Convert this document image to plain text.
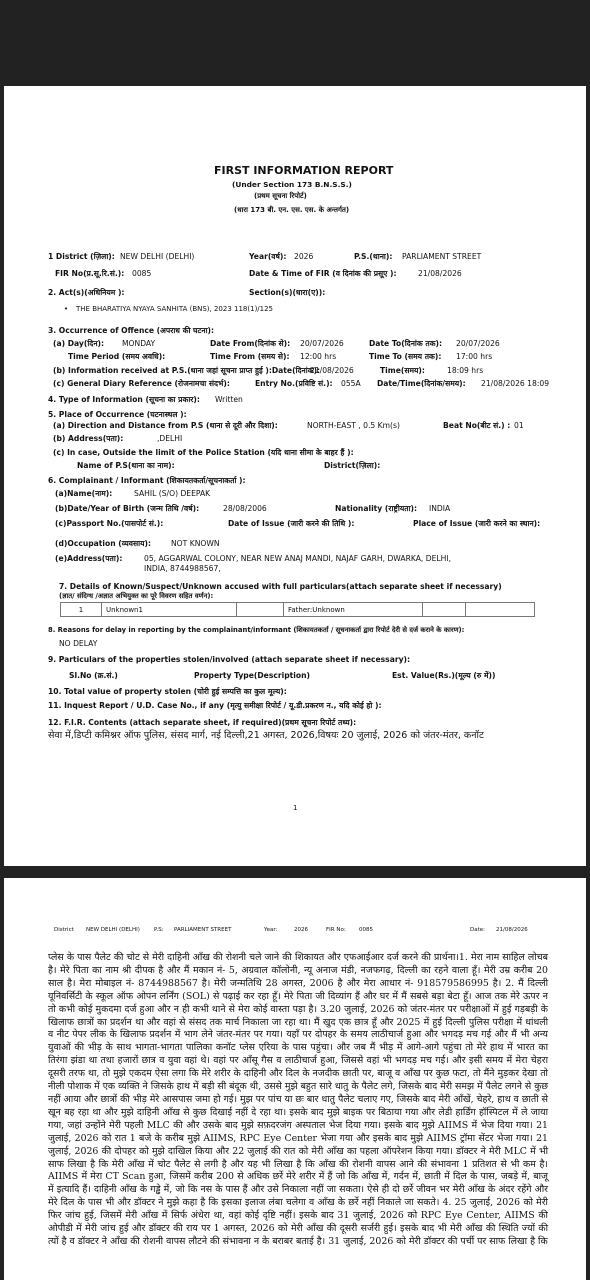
FIRST INFORMATION REPORT
(Under Section 173 B.N.S.S.)
(प्रथम सूचना रिपोर्ट)
(धारा 173 बी. एन. एस. एस. के अन्तर्गत)
1 District (ज़िला): NEW DELHI (DELHI)	Year(वर्ष): 2026	P.S.(थाना): PARLIAMENT STREET
FIR No(प्र.सू.रि.सं.): 0085	Date & Time of FIR (व दिनांक की प्रसूए ):	21/08/2026
2. Act(s)(अधिनियम ):	Section(s)(धारा(ए)):
• THE BHARATIYA NYAYA SANHITA (BNS), 2023 118(1)/125
3. Occurrence of Offence (अपराध की घटना):
(a) Day(दिन): MONDAY	Date From(दिनांक से): 20/07/2026	Date To(दिनांक तक): 20/07/2026
Time Period (समय अवधि):	Time From (समय से): 12:00 hrs	Time To (समय तक): 17:00 hrs
(b) Information received at P.S.(थाना जहां सूचना प्राप्त हुई ):Date(दिनांक):
21/08/2026	Time(समय):	18:09 hrs
(c) General Diary Reference (रोजनामचा संदर्भ):	Entry No.(प्रविष्टि सं.): 055A Date/Time(दिनांक/समय): 21/08/2026 18:09
4. Type of Information (सूचना का प्रकार): Written
5. Place of Occurrence (घटनास्थल ):
(a) Direction and Distance from P.S (थाना से दूरी और दिशा):	NORTH-EAST , 0.5 Km(s)	Beat No(बीट सं.) : 01
(b) Address(पता):	,DELHI
(c) In case, Outside the limit of the Police Station (यदि थाना सीमा के बाहर हैं ):
Name of P.S(थाना का नाम):	District(ज़िला):
6. Complainant / Informant (शिकायतकर्ता/सूचनाकर्ता ):
(a)Name(नाम):	SAHIL (S/O) DEEPAK
(b)Date/Year of Birth (जन्म तिथि /वर्ष):	28/08/2006	Nationality (राष्ट्रीयता): INDIA
(c)Passport No.(पासपोर्ट सं.):	Date of Issue (जारी करने की तिथि ):	Place of Issue (जारी करने का स्थान):
(d)Occupation (व्यवसाय):	NOT KNOWN
(e)Address(पता):	05, AGGARWAL COLONY, NEAR NEW ANAJ MANDI, NAJAF GARH, DWARKA, DELHI,
INDIA, 8744988567,
7. Details of Known/Suspect/Unknown accused with full particulars(attach separate sheet if necessary)
(ज्ञात/ संदिग्ध /अज्ञात अभियुक्त का पूरे विवरण सहित वर्णन):
1	Unknown1		Father:Unknown		
8. Reasons for delay in reporting by the complainant/informant (शिकायतकर्ता / सूचनाकर्ता द्वारा रिपोर्ट देरी से दर्ज कराने के कारण):
NO DELAY
9. Particulars of the properties stolen/involved (attach separate sheet if necessary):
Sl.No (क्र.सं.)	Property Type(Description)	Est. Value(Rs.)(मूल्य (रु में))
10. Total value of property stolen (चोरी हुई सम्पत्ति का कुल मूल्य):
11. Inquest Report / U.D. Case No., if any (मृत्यु समीक्षा रिपोर्ट / यू.डी.प्रकरण न., यदि कोई हो ):
12. F.I.R. Contents (attach separate sheet, if required)(प्रथम सूचना रिपोर्ट तथ्य):
सेवा में,डिप्टी कमिश्नर ऑफ पुलिस, संसद मार्ग, नई दिल्ली,21 अगस्त, 2026,विषयः 20 जुलाई, 2026 को जंतर-मंतर, कनॉट
1
District NEW DELHI (DELHI)	P.S: PARLIAMENT STREET	Year:	2026	FIR No: 0085	Date: 21/08/2026
प्लेस के पास पैलेट की चोट से मेरी दाहिनी आँख की रोशनी चले जाने की शिकायत और एफआईआर दर्ज करने की प्रार्थना।1. मेरा नाम साहिल लोचब है। मेरे पिता का नाम श्री दीपक है और मैं मकान नं- 5, अग्रवाल कॉलोनी, न्यू अनाज मंडी, नजफगढ़, दिल्ली का रहने वाला हूँ। मेरी उम्र करीब 20 साल है। मेरा मोबाइल नं- 8744988567 है। मेरी जन्मतिथि 28 अगस्त, 2006 है और मेरा आधार नं- 918579586995 है। 2. मैं दिल्ली यूनिवर्सिटी के स्कूल ऑफ ओपन लर्निंग (SOL) से पढ़ाई कर रहा हूँ। मेरे पिता जी दिव्यांग हैं और घर में मैं सबसे बड़ा बेटा हूँ। आज तक मेरे ऊपर न तो कभी कोई मुकदमा दर्ज हुआ और न ही कभी थाने से मेरा कोई वास्ता पड़ा है। 3.20 जुलाई, 2026 को जंतर-मंतर पर परीक्षाओं में हुई गड़बड़ी के खिलाफ छात्रों का प्रदर्शन था और वहां से संसद तक मार्च निकाला जा रहा था। मैं खुद एक छात्र हूँ और 2025 में हुई दिल्ली पुलिस परीक्षा में धांधली व नीट पेपर लीक के खिलाफ प्रदर्शन में भाग लेने जंतर-मंतर पर गया। यहाँ पर दोपहर के समय लाठीचार्ज हुआ और भगदड़ मच गई और मैं भी अन्य युवाओं की भीड़ के साथ भागता-भागता पालिका कनॉट प्लेस एरिया के पास पहुंचा। और जब मैं भीड़ में आगे-आगे पहुंचा तो मेरे हाथ में भारत का तिरंगा झंडा था तथा हजारों छात्र व युवा वहां थे। वहां पर आँसू गैस व लाठीचार्ज हुआ, जिससे वहां भी भगदड़ मच गई। और इसी समय में मेरा चेहरा दूसरी तरफ था, तो मुझे एकदम ऐसा लगा कि मेरे शरीर के दाहिनी और दिल के नजदीक छाती पर, बाजू व आँख पर कुछ फटा, तो मैंने मुड़कर देखा तो नीली पोशाक में एक व्यक्ति ने जिसके हाथ में बड़ी सी बंदूक थी, उससे मुझे बहुत सारे धातु के पैलेट लगे, जिसके बाद मेरी समझ में पैलेट लगने से कुछ नहीं आया और छात्रों की भीड़ मेरे आसपास जमा हो गई। मुझ पर पांच या छः बार धातु पैलेट चलाए गए, जिसके बाद मेरी आँखें, चेहरे, हाथ व छाती से खून बह रहा था और मुझे दाहिनी आँख से कुछ दिखाई नहीं दे रहा था। इसके बाद मुझे बाइक पर बिठाया गया और लेडी हार्डिंग हॉस्पिटल में ले जाया गया, जहां उन्होंने मेरी पहली MLC की और उसके बाद मुझे सफ़दरजंग अस्पताल भेज दिया गया। इसके बाद मुझे AIIMS में भेज दिया गया। 21 जुलाई, 2026 को रात 1 बजे के करीब मुझे AIIMS, RPC Eye Center भेजा गया और इसके बाद मुझे AIIMS ट्रॉमा सेंटर भेजा गया। 21 जुलाई, 2026 की दोपहर को मुझे दाखिल किया और 22 जुलाई की रात को मेरी आँख का पहला ऑपरेशन किया गया। डॉक्टर ने मेरी MLC में भी साफ लिखा है कि मेरी आँख में चोट पैलेट से लगी है और यह भी लिखा है कि आँख की रोशनी वापस आने की संभावना 1 प्रतिशत से भी कम है। AIIMS में मेरा CT Scan हुआ, जिसमें करीब 200 से अधिक छर्रे मेरे शरीर में हैं जो कि आँख में, गर्दन में, छाती में दिल के पास, जबड़े में, बाजू में इत्यादि हैं। दाहिनी आँख के गड्ढे में, जो कि नस के पास हैं और उसे निकाला नहीं जा सकता। ऐसे ही दो छर्रे जीवन भर मेरी आँख के अंदर रहेंगे और मेरे दिल के पास भी और डॉक्टर ने मुझे कहा है कि इसका इलाज लंबा चलेगा व आँख के छर्रे नहीं निकाले जा सकते। 4. 25 जुलाई, 2026 को मेरी फिर जांच हुई, जिसमें मेरी आँख में सिर्फ अंधेरा था, वहां कोई दृष्टि नहीं। इसके बाद 31 जुलाई, 2026 को RPC Eye Center, AIIMS की ओपीडी में मेरी जांच हुई और डॉक्टर की राय पर 1 अगस्त, 2026 को मेरी आँख की दूसरी सर्जरी हुई। इसके बाद भी मेरी आँख की स्थिति ज्यों की त्यों है व डॉक्टर ने आँख की रोशनी वापस लौटने की संभावना न के बराबर बताई है। 31 जुलाई, 2026 को मेरी डॉक्टर की पर्ची पर साफ लिखा है कि
